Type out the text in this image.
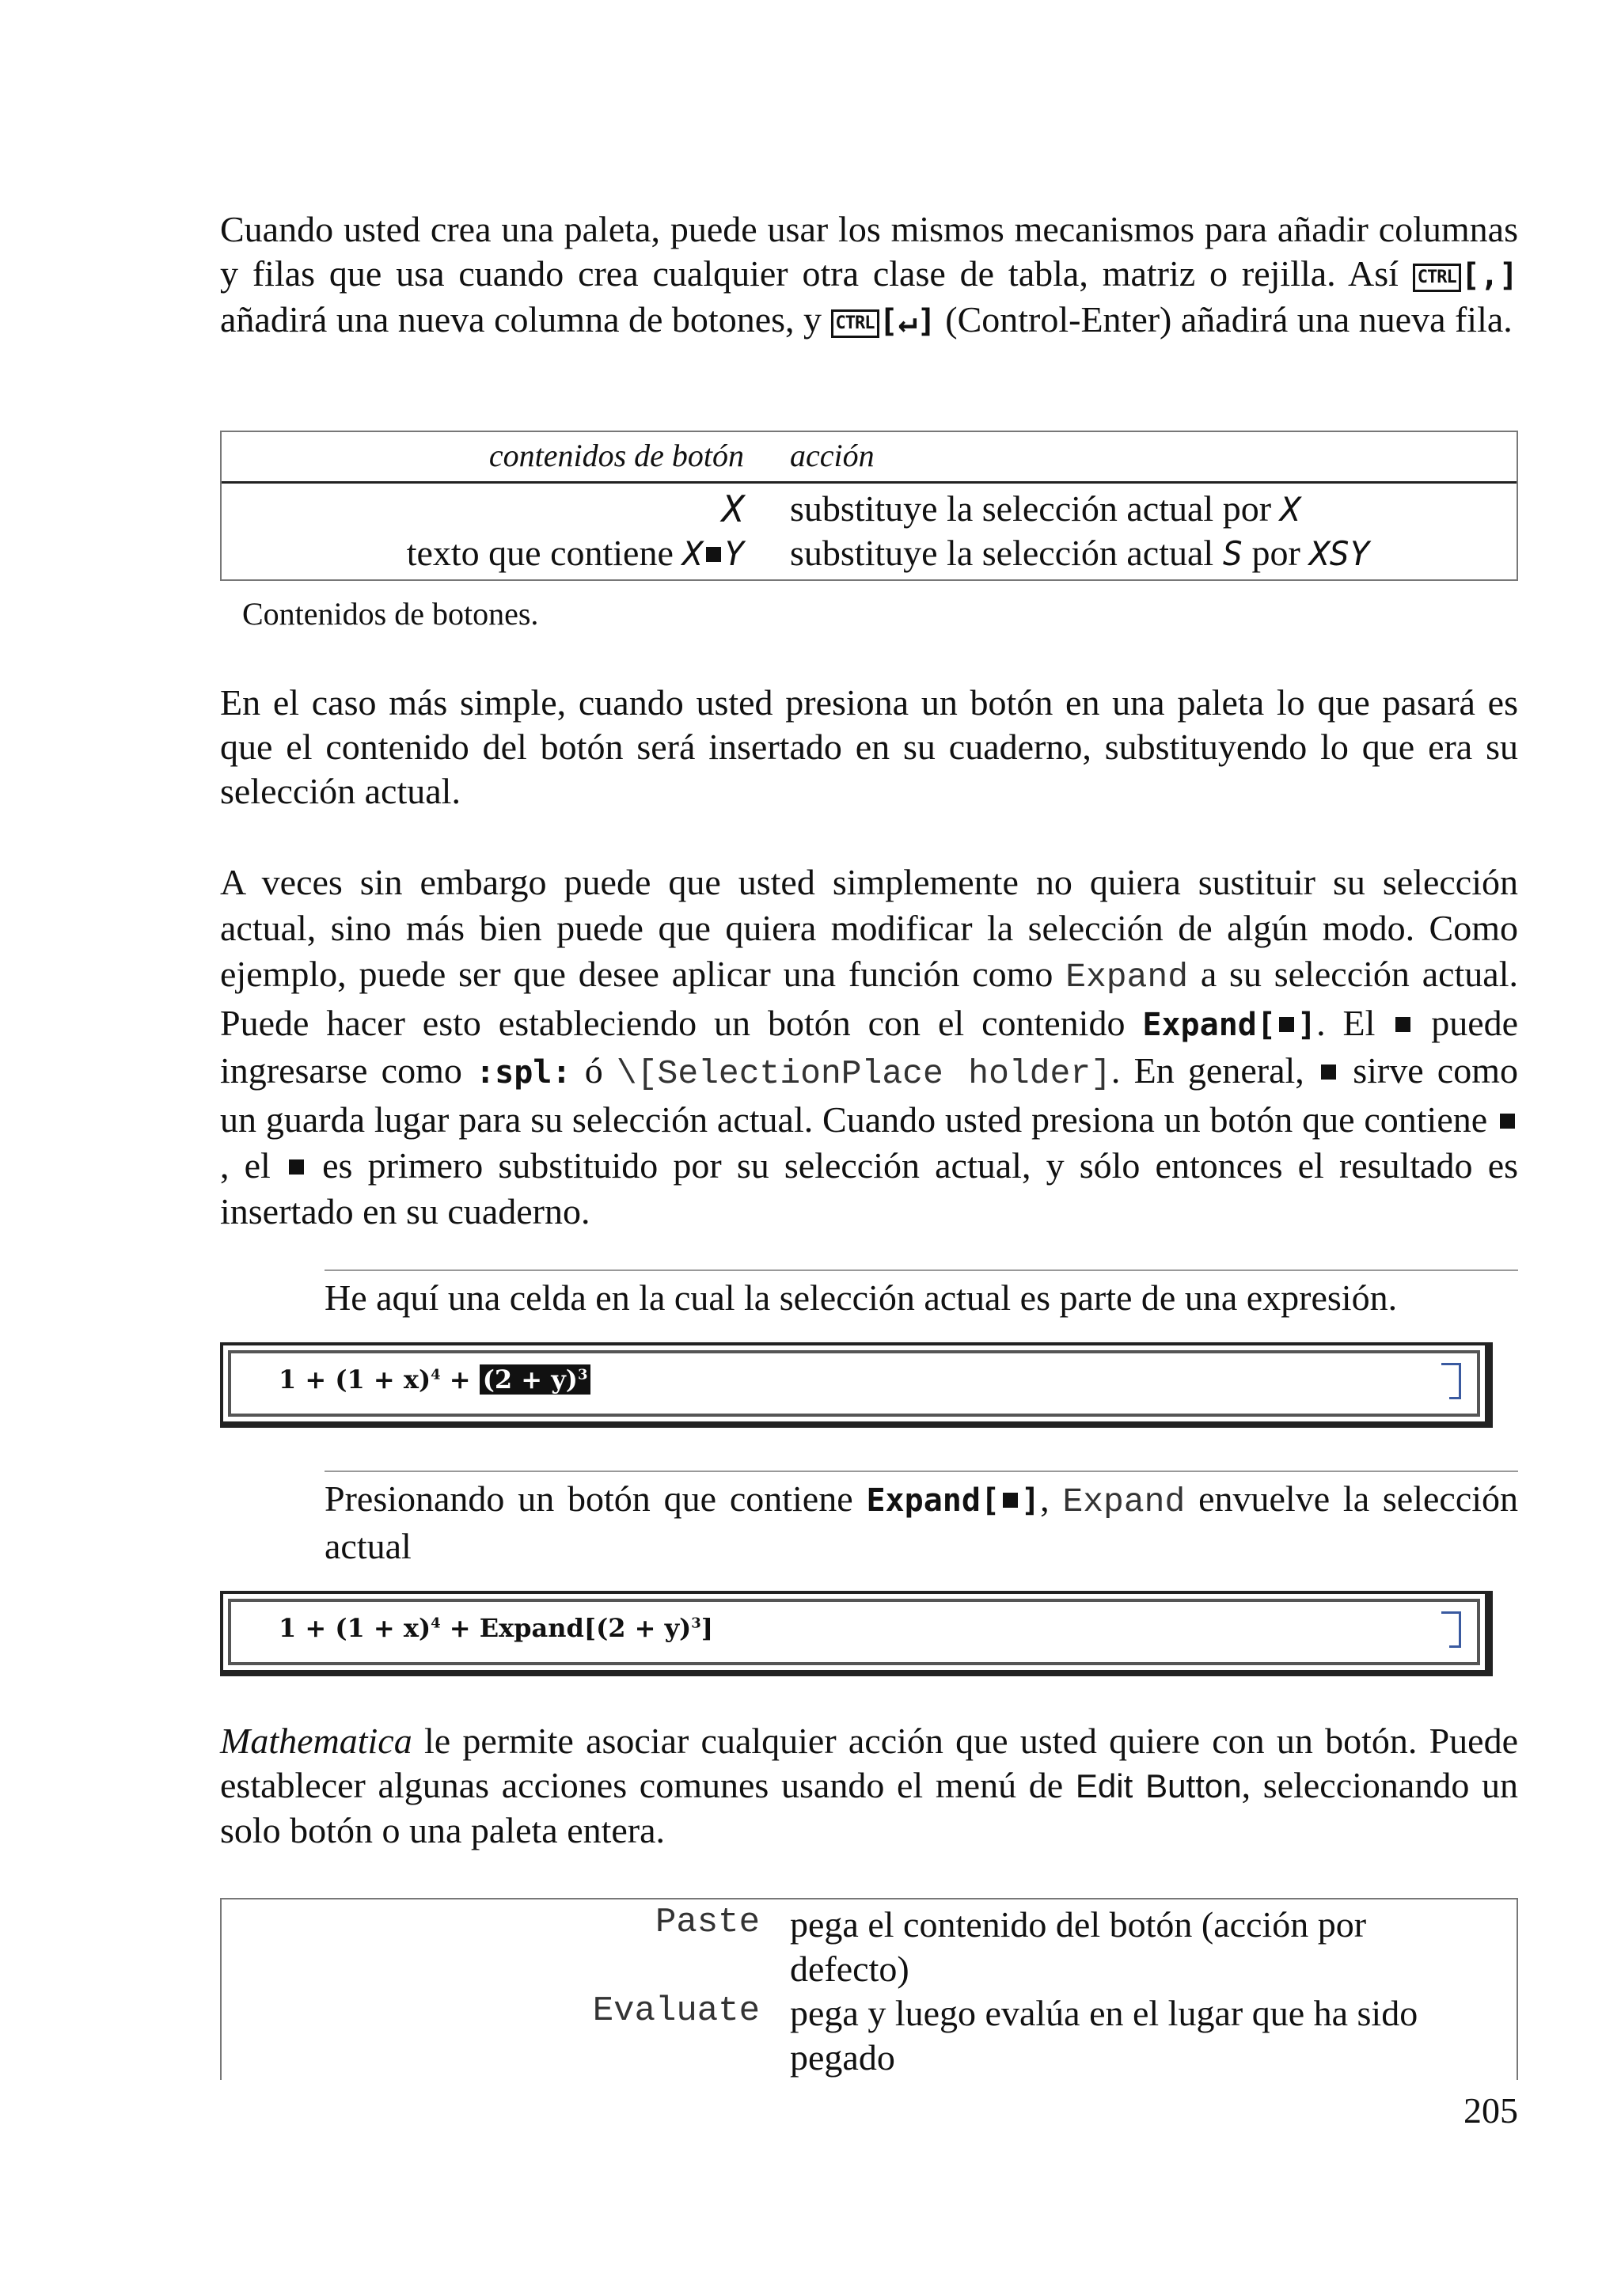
Cuando usted crea una paleta, puede usar los mismos mecanismos para añadir columnas y filas que usa cuando crea cualquier otra clase de tabla, matriz o rejilla. Así CTRL [,] añadirá una nueva columna de botones, y CTRL [↵] (Control-Enter) añadirá una nueva fila.

contenidos de botón acción
X substituye la selección actual por X
texto que contiene X Y substituye la selección actual S por XSY
Contenidos de botones.

En el caso más simple, cuando usted presiona un botón en una paleta lo que pasará es que el contenido del botón será insertado en su cuaderno, substituyendo lo que era su selección actual.

A veces sin embargo puede que usted simplemente no quiera sustituir su selección actual, sino más bien puede que quiera modificar la selección de algún modo. Como ejemplo, puede ser que desee aplicar una función como Expand a su selección actual. Puede hacer esto estableciendo un botón con el contenido Expand[ ]. El puede ingresarse como :spl: ó \[SelectionPlace holder]. En general, sirve como un guarda lugar para su selección actual. Cuando usted presiona un botón que contiene , el es primero substituido por su selección actual, y sólo entonces el resultado es insertado en su cuaderno.

He aquí una celda en la cual la selección actual es parte de una expresión.

$1 + (1 + x)^4 + (2 + y)^3$

Presionando un botón que contiene Expand[ ], Expand envuelve la selección actual

$1 + (1 + x)^4$ + Expand[(2 + y)$^3$]

Mathematica le permite asociar cualquier acción que usted quiere con un botón. Puede establecer algunas acciones comunes usando el menú de Edit Button, seleccionando un solo botón o una paleta entera.

Paste pega el contenido del botón (acción por defecto)
Evaluate pega y luego evalúa en el lugar que ha sido pegado
205
